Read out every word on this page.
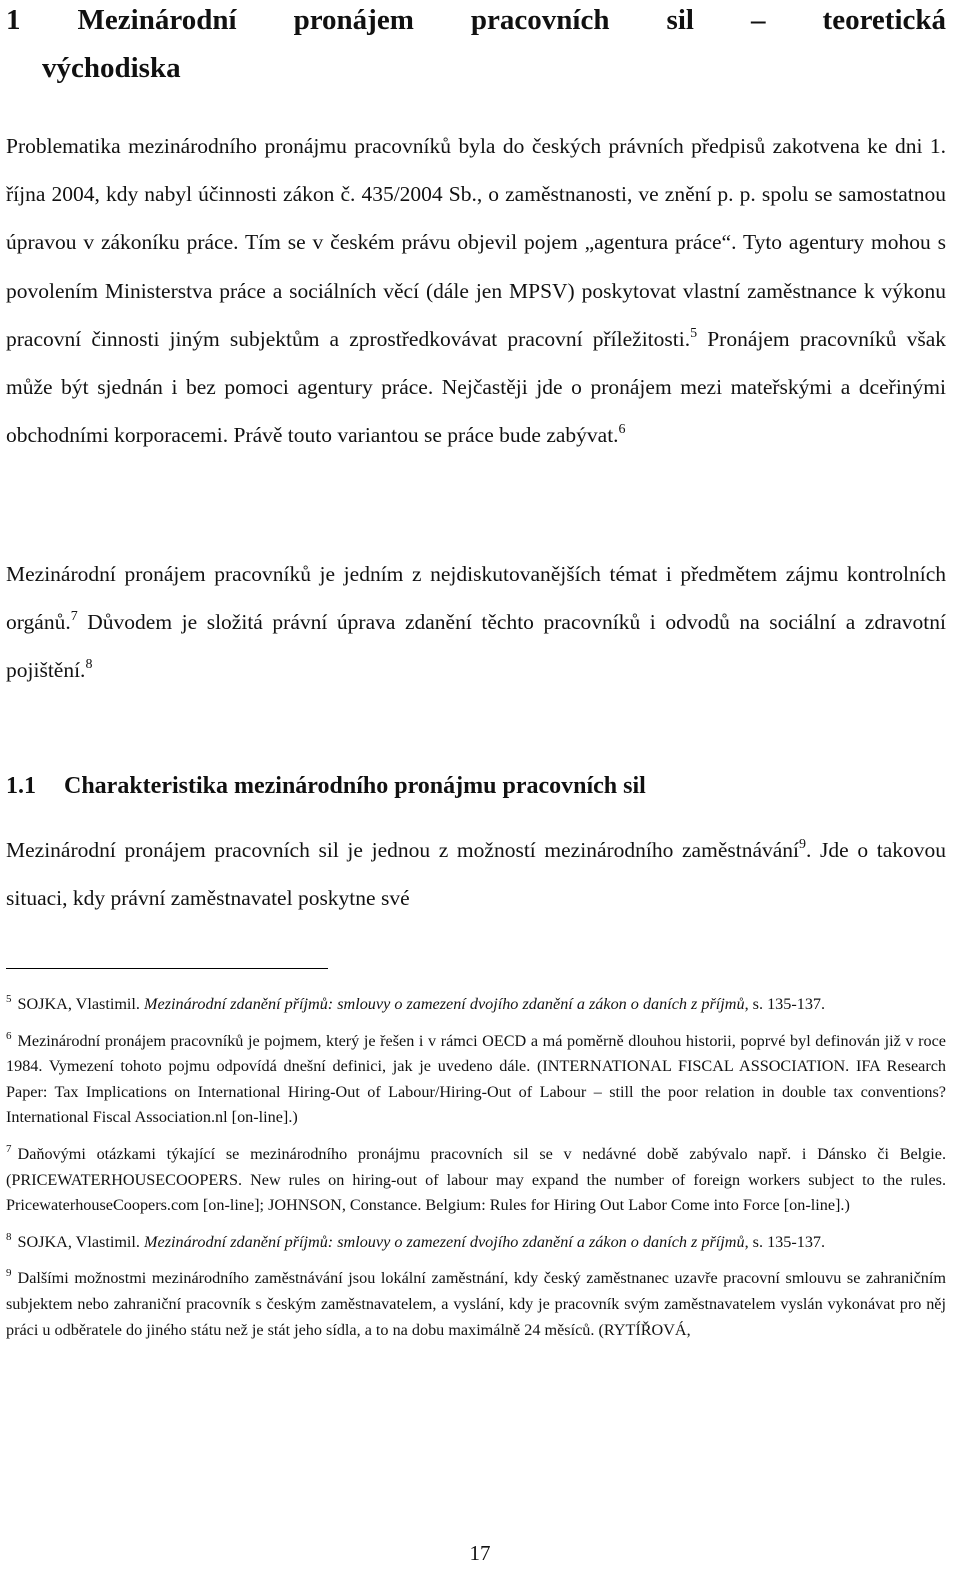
1 Mezinárodní pronájem pracovních sil – teoretická
východiska

Problematika mezinárodního pronájmu pracovníků byla do českých právních předpisů zakotvena ke dni 1. října 2004, kdy nabyl účinnosti zákon č. 435/2004 Sb., o zaměstnanosti, ve znění p. p. spolu se samostatnou úpravou v zákoníku práce. Tím se v českém právu objevil pojem „agentura práce“. Tyto agentury mohou s povolením Ministerstva práce a sociálních věcí (dále jen MPSV) poskytovat vlastní zaměstnance k výkonu pracovní činnosti jiným subjektům a zprostředkovávat pracovní příležitosti.$^5$ Pronájem pracovníků však může být sjednán i bez pomoci agentury práce. Nejčastěji jde o pronájem mezi mateřskými a dceřinými obchodními korporacemi. Právě touto variantou se práce bude zabývat.$^6$

Mezinárodní pronájem pracovníků je jedním z nejdiskutovanějších témat i předmětem zájmu kontrolních orgánů.$^7$ Důvodem je složitá právní úprava zdanění těchto pracovníků i odvodů na sociální a zdravotní pojištění.$^8$

1.1 Charakteristika mezinárodního pronájmu pracovních sil

Mezinárodní pronájem pracovních sil je jednou z možností mezinárodního zaměstnávání$^9$. Jde o takovou situaci, kdy právní zaměstnavatel poskytne své

$^5$ SOJKA, Vlastimil. Mezinárodní zdanění příjmů: smlouvy o zamezení dvojího zdanění a zákon o daních z příjmů, s. 135-137.

$^6$ Mezinárodní pronájem pracovníků je pojmem, který je řešen i v rámci OECD a má poměrně dlouhou historii, poprvé byl definován již v roce 1984. Vymezení tohoto pojmu odpovídá dnešní definici, jak je uvedeno dále. (INTERNATIONAL FISCAL ASSOCIATION. IFA Research Paper: Tax Implications on International Hiring-Out of Labour/Hiring-Out of Labour – still the poor relation in double tax conventions? International Fiscal Association.nl [on-line].)

$^7$ Daňovými otázkami týkající se mezinárodního pronájmu pracovních sil se v nedávné době zabývalo např. i Dánsko či Belgie. (PRICEWATERHOUSECOOPERS. New rules on hiring-out of labour may expand the number of foreign workers subject to the rules. PricewaterhouseCoopers.com [on-line]; JOHNSON, Constance. Belgium: Rules for Hiring Out Labor Come into Force [on-line].)

$^8$ SOJKA, Vlastimil. Mezinárodní zdanění příjmů: smlouvy o zamezení dvojího zdanění a zákon o daních z příjmů, s. 135-137.

$^9$ Dalšími možnostmi mezinárodního zaměstnávání jsou lokální zaměstnání, kdy český zaměstnanec uzavře pracovní smlouvu se zahraničním subjektem nebo zahraniční pracovník s českým zaměstnavatelem, a vyslání, kdy je pracovník svým zaměstnavatelem vyslán vykonávat pro něj práci u odběratele do jiného státu než je stát jeho sídla, a to na dobu maximálně 24 měsíců. (RYTÍŘOVÁ,

17
